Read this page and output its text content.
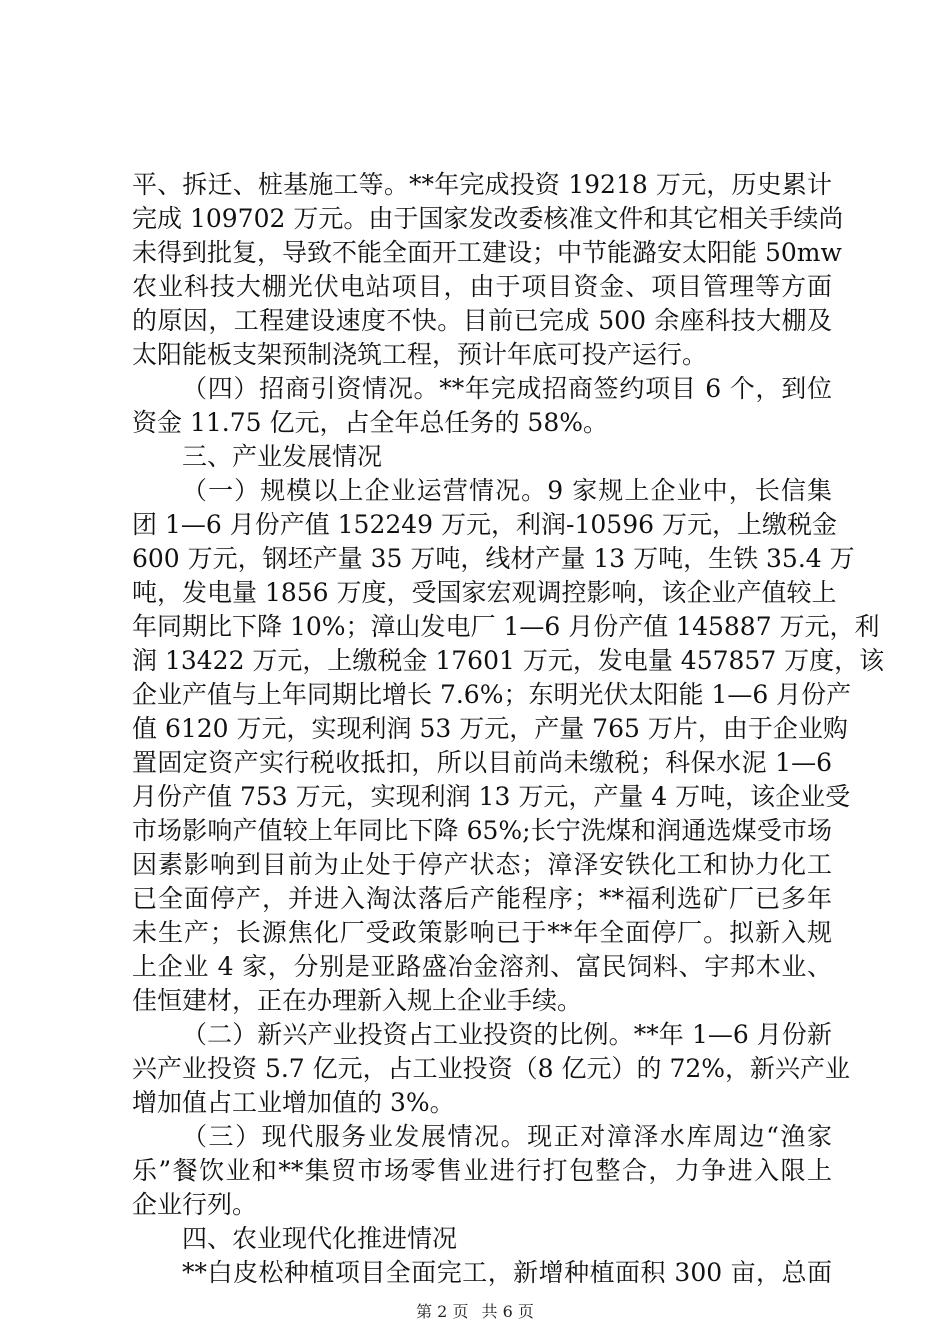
平、拆迁、桩基施工等。**年完成投资 19218 万元，历史累计
完成 109702 万元。由于国家发改委核准文件和其它相关手续尚
未得到批复，导致不能全面开工建设；中节能潞安太阳能 50mw
农业科技大棚光伏电站项目，由于项目资金、项目管理等方面
的原因，工程建设速度不快。目前已完成 500 余座科技大棚及
太阳能板支架预制浇筑工程，预计年底可投产运行。
（四）招商引资情况。**年完成招商签约项目 6 个，到位
资金 11.75 亿元，占全年总任务的 58%。
三、产业发展情况
（一）规模以上企业运营情况。9 家规上企业中，长信集
团 1—6 月份产值 152249 万元，利润-10596 万元，上缴税金
600 万元，钢坯产量 35 万吨，线材产量 13 万吨，生铁 35.4 万
吨，发电量 1856 万度，受国家宏观调控影响，该企业产值较上
年同期比下降 10%；漳山发电厂 1—6 月份产值 145887 万元，利
润 13422 万元，上缴税金 17601 万元，发电量 457857 万度，该
企业产值与上年同期比增长 7.6%；东明光伏太阳能 1—6 月份产
值 6120 万元，实现利润 53 万元，产量 765 万片，由于企业购
置固定资产实行税收抵扣，所以目前尚未缴税；科保水泥 1—6
月份产值 753 万元，实现利润 13 万元，产量 4 万吨，该企业受
市场影响产值较上年同比下降 65%;长宁洗煤和润通选煤受市场
因素影响到目前为止处于停产状态；漳泽安铁化工和协力化工
已全面停产，并进入淘汰落后产能程序；**福利选矿厂已多年
未生产；长源焦化厂受政策影响已于**年全面停厂。拟新入规
上企业 4 家，分别是亚路盛冶金溶剂、富民饲料、宇邦木业、
佳恒建材，正在办理新入规上企业手续。
（二）新兴产业投资占工业投资的比例。**年 1—6 月份新
兴产业投资 5.7 亿元，占工业投资（8 亿元）的 72%，新兴产业
增加值占工业增加值的 3%。
（三）现代服务业发展情况。现正对漳泽水库周边“渔家
乐”餐饮业和**集贸市场零售业进行打包整合，力争进入限上
企业行列。
四、农业现代化推进情况
**白皮松种植项目全面完工，新增种植面积 300 亩，总面
第 2 页 共 6 页
